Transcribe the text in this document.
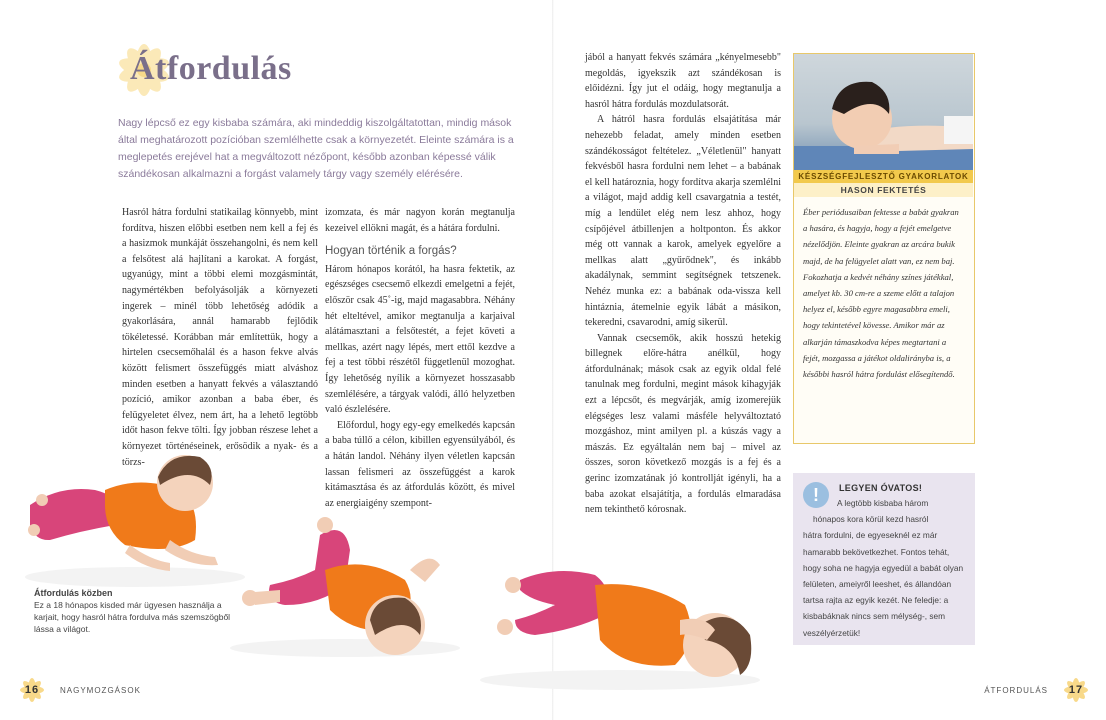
Átfordulás

Nagy lépcső ez egy kisbaba számára, aki mindeddig kiszolgáltatottan, mindig mások által meghatározott pozícióban szemlélhette csak a környezetét. Eleinte számára is a meglepetés erejével hat a megváltozott nézőpont, később azonban képessé válik szándékosan alkalmazni a forgást valamely tárgy vagy személy elérésére.

Hasról hátra fordulni statikailag könnyebb, mint fordítva, hiszen előbbi esetben nem kell a fej és a hasizmok munkáját összehangolni, és nem kell a felsőtest alá hajlítani a karokat. A forgást, ugyanúgy, mint a többi elemi mozgásmintát, nagymértékben befolyásolják a környezeti ingerek – minél több lehetőség adódik a gyakorlására, annál hamarabb fejlődik tökéletessé. Korábban már említettük, hogy a hirtelen csecsemőhalál és a hason fekve alvás között felismert összefüggés miatt alváshoz minden esetben a hanyatt fekvés a választandó pozíció, amikor azonban a baba éber, és felügyeletet élvez, nem árt, ha a lehető legtöbb időt hason fekve tölti. Így jobban részese lehet a környezet történéseinek, erősödik a nyak- és a törzs-

izomzata, és már nagyon korán megtanulja kezeivel ellökni magát, és a hátára fordulni.

Hogyan történik a forgás?

Három hónapos korától, ha hasra fektetik, az egészséges csecsemő elkezdi emelgetni a fejét, először csak 45˚-ig, majd magasabbra. Néhány hét elteltével, amikor megtanulja a karjaival alátámasztani a felsőtestét, a fejet követi a mellkas, azért nagy lépés, mert ettől kezdve a fej a test többi részétől függetlenül mozoghat. Így lehetőség nyílik a környezet hosszasabb szemlélésére, a tárgyak valódi, álló helyzetben való észlelésére.

Előfordul, hogy egy-egy emelkedés kapcsán a baba túllő a célon, kibillen egyensúlyából, és a hátán landol. Néhány ilyen véletlen kapcsán lassan felismeri az összefüggést a karok kitámasztása és az átfordulás között, és mivel az energiaigény szempont-

jából a hanyatt fekvés számára „kényelmesebb" megoldás, igyekszik azt szándékosan is előidézni. Így jut el odáig, hogy megtanulja a hasról hátra fordulás mozdulatsorát.

A hátról hasra fordulás elsajátítása már nehezebb feladat, amely minden esetben szándékosságot feltételez. „Véletlenül" hanyatt fekvésből hasra fordulni nem lehet – a babának el kell határoznia, hogy fordítva akarja szemlélni a világot, majd addig kell csavargatnia a testét, míg a lendület elég nem lesz ahhoz, hogy csípőjével átbillenjen a holtponton. És akkor még ott vannak a karok, amelyek egyelőre a mellkas alatt „gyűrődnek", és inkább akadálynak, semmint segítségnek tetszenek. Nehéz munka ez: a babának oda-vissza kell hintáznia, átemelnie egyik lábát a másikon, tekeredni, csavarodni, amíg sikerül.

Vannak csecsemők, akik hosszú hetekig billegnek előre-hátra anélkül, hogy átfordulnának; mások csak az egyik oldal felé tanulnak meg fordulni, megint mások kihagyják ezt a lépcsőt, és megvárják, amíg izomerejük elégséges lesz valami másféle helyváltoztató mozgáshoz, mint amilyen pl. a kúszás vagy a mászás. Ez egyáltalán nem baj – mivel az összes, soron következő mozgás is a fej és a gerinc izomzatának jó kontrollját igényli, ha a baba azokat elsajátítja, a fordulás elmaradása nem tekinthető kórosnak.

Átfordulás közben
Ez a 18 hónapos kisded már ügyesen használja a karjait, hogy hasról hátra fordulva más szemszögből lássa a világot.
16	NAGYMOZGÁSOK	ÁTFORDULÁS 17
KÉSZSÉGFEJLESZTŐ GYAKORLATOK
HASON FEKTETÉS
Éber periódusaiban fektesse a babát gyakran a hasára, és hagyja, hogy a fejét emelgetve nézelődjön. Eleinte gyakran az arcára bukik majd, de ha felügyelet alatt van, ez nem baj. Fokozhatja a kedvét néhány színes játékkal, amelyet kb. 30 cm-re a szeme előtt a talajon helyez el, később egyre magasabbra emeli, hogy tekintetével kövesse. Amikor már az alkarján támaszkodva képes megtartani a fejét, mozgassa a játékot oldalirányba is, a későbbi hasról hátra fordulást elősegítendő.
!	LEGYEN ÓVATOS!
A legtöbb kisbaba három
hónapos kora körül kezd hasról
hátra fordulni, de egyeseknél ez már hamarabb bekövetkezhet. Fontos tehát, hogy soha ne hagyja egyedül a babát olyan felületen, ameiyről leeshet, és állandóan tartsa rajta az egyik kezét. Ne feledje: a kisbabáknak nincs sem mélység-, sem veszélyérzetük!
